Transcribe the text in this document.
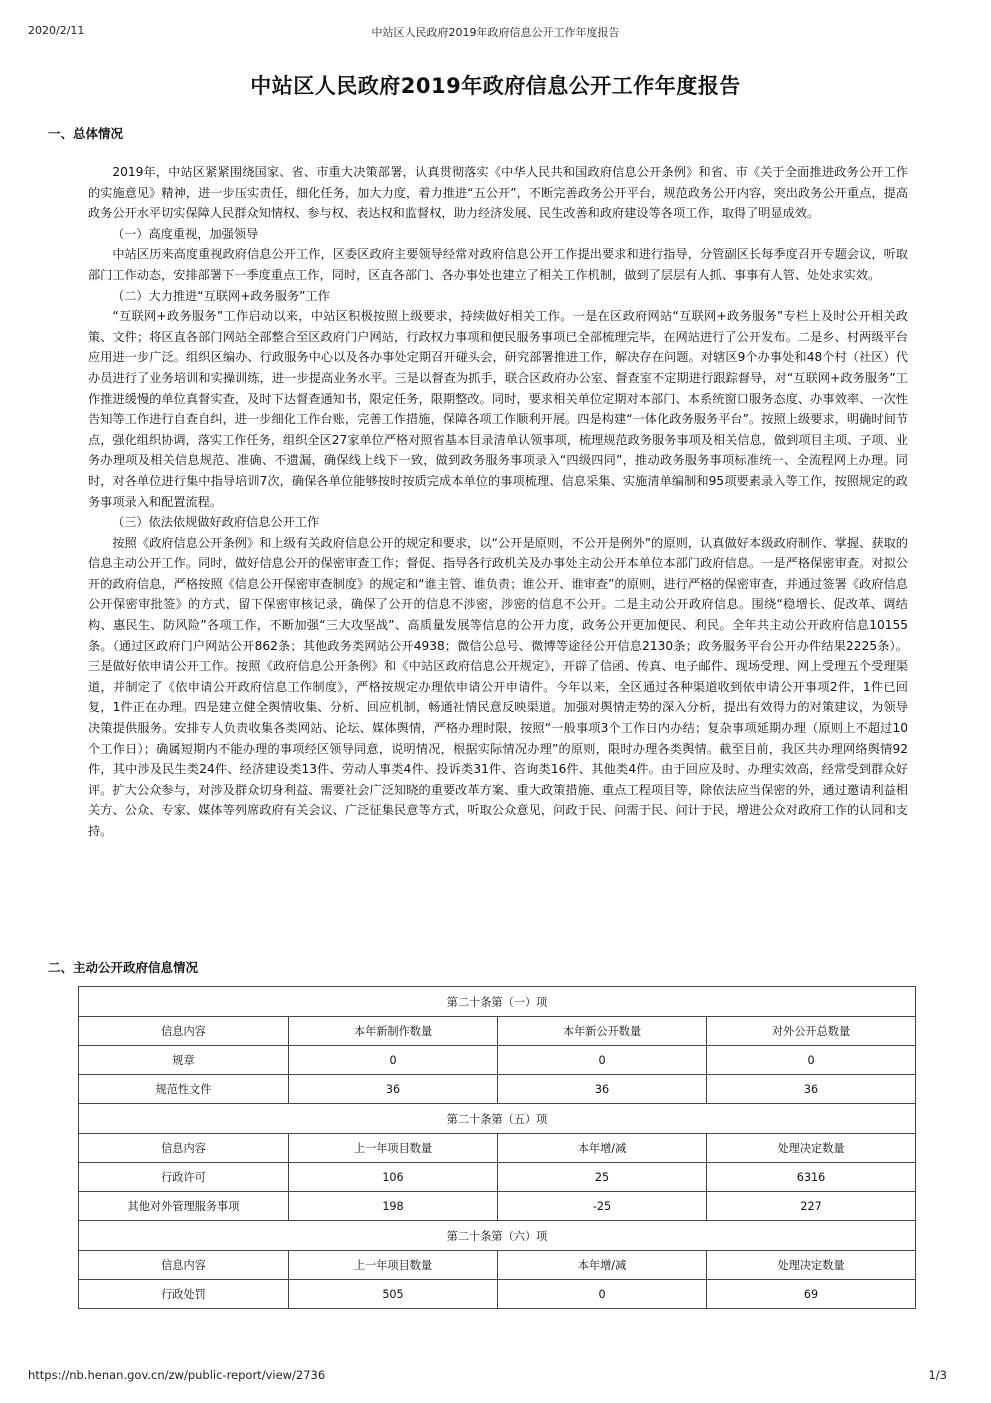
2020/2/11	中站区人民政府2019年政府信息公开工作年度报告
中站区人民政府2019年政府信息公开工作年度报告
一、总体情况

2019年，中站区紧紧围绕国家、省、市重大决策部署，认真贯彻落实《中华人民共和国政府信息公开条例》和省、市《关于全面推进政务公开工作的实施意见》精神，进一步压实责任，细化任务，加大力度，着力推进“五公开”，不断完善政务公开平台，规范政务公开内容，突出政务公开重点，提高政务公开水平切实保障人民群众知情权、参与权、表达权和监督权，助力经济发展、民生改善和政府建设等各项工作，取得了明显成效。

（一）高度重视，加强领导

中站区历来高度重视政府信息公开工作，区委区政府主要领导经常对政府信息公开工作提出要求和进行指导，分管副区长每季度召开专题会议，听取部门工作动态，安排部署下一季度重点工作，同时，区直各部门、各办事处也建立了相关工作机制，做到了层层有人抓、事事有人管、处处求实效。

（二）大力推进“互联网+政务服务”工作

“互联网+政务服务”工作启动以来，中站区积极按照上级要求，持续做好相关工作。一是在区政府网站“互联网+政务服务”专栏上及时公开相关政策、文件；将区直各部门网站全部整合至区政府门户网站，行政权力事项和便民服务事项已全部梳理完毕，在网站进行了公开发布。二是乡、村两级平台应用进一步广泛。组织区编办、行政服务中心以及各办事处定期召开碰头会，研究部署推进工作，解决存在问题。对辖区9个办事处和48个村（社区）代办员进行了业务培训和实操训练，进一步提高业务水平。三是以督查为抓手，联合区政府办公室、督查室不定期进行跟踪督导，对“互联网+政务服务”工作推进缓慢的单位真督实查，及时下达督查通知书，限定任务，限期整改。同时，要求相关单位定期对本部门、本系统窗口服务态度、办事效率、一次性告知等工作进行自查自纠，进一步细化工作台账，完善工作措施，保障各项工作顺利开展。四是构建“一体化政务服务平台”。按照上级要求，明确时间节点，强化组织协调，落实工作任务，组织全区27家单位严格对照省基本目录清单认领事项，梳理规范政务服务事项及相关信息，做到项目主项、子项、业务办理项及相关信息规范、准确、不遗漏，确保线上线下一致，做到政务服务事项录入“四级四同”，推动政务服务事项标准统一、全流程网上办理。同时，对各单位进行集中指导培训7次，确保各单位能够按时按质完成本单位的事项梳理、信息采集、实施清单编制和95项要素录入等工作，按照规定的政务事项录入和配置流程。

（三）依法依规做好政府信息公开工作

按照《政府信息公开条例》和上级有关政府信息公开的规定和要求，以“公开是原则，不公开是例外”的原则，认真做好本级政府制作、掌握、获取的信息主动公开工作。同时，做好信息公开的保密审查工作；督促、指导各行政机关及办事处主动公开本单位本部门政府信息。一是严格保密审查。对拟公开的政府信息，严格按照《信息公开保密审查制度》的规定和“谁主管、谁负责；谁公开、谁审查”的原则，进行严格的保密审查，并通过签署《政府信息公开保密审批签》的方式，留下保密审核记录，确保了公开的信息不涉密，涉密的信息不公开。二是主动公开政府信息。围绕“稳增长、促改革、调结构、惠民生、防风险”各项工作，不断加强“三大攻坚战”、高质量发展等信息的公开力度，政务公开更加便民、利民。全年共主动公开政府信息10155条。（通过区政府门户网站公开862条；其他政务类网站公开4938；微信公总号、微博等途径公开信息2130条；政务服务平台公开办件结果2225条）。三是做好依申请公开工作。按照《政府信息公开条例》和《中站区政府信息公开规定》，开辟了信函、传真、电子邮件、现场受理、网上受理五个受理渠道，并制定了《依申请公开政府信息工作制度》，严格按规定办理依申请公开申请件。今年以来，全区通过各种渠道收到依申请公开事项2件，1件已回复，1件正在办理。四是建立健全舆情收集、分析、回应机制，畅通社情民意反映渠道。加强对舆情走势的深入分析，提出有效得力的对策建议，为领导决策提供服务。安排专人负责收集各类网站、论坛、媒体舆情，严格办理时限，按照“一般事项3个工作日内办结；复杂事项延期办理（原则上不超过10个工作日）；确属短期内不能办理的事项经区领导同意，说明情况，根据实际情况办理”的原则，限时办理各类舆情。截至目前，我区共办理网络舆情92件，其中涉及民生类24件、经济建设类13件、劳动人事类4件、投诉类31件、咨询类16件、其他类4件。由于回应及时、办理实效高，经常受到群众好评。扩大公众参与，对涉及群众切身利益、需要社会广泛知晓的重要改革方案、重大政策措施、重点工程项目等，除依法应当保密的外，通过邀请利益相关方、公众、专家、媒体等列席政府有关会议、广泛征集民意等方式，听取公众意见，问政于民、问需于民、问计于民，增进公众对政府工作的认同和支持。

二、主动公开政府信息情况
第二十条第（一）项			
信息内容	本年新制作数量	本年新公开数量	对外公开总数量
规章	0	0	0
规范性文件	36	36	36
第二十条第（五）项			
信息内容	上一年项目数量	本年增/减	处理决定数量
行政许可	106	25	6316
其他对外管理服务事项	198	-25	227
第二十条第（六）项			
信息内容	上一年项目数量	本年增/减	处理决定数量
行政处罚	505	0	69
https://nb.henan.gov.cn/zw/public-report/view/2736	1/3
